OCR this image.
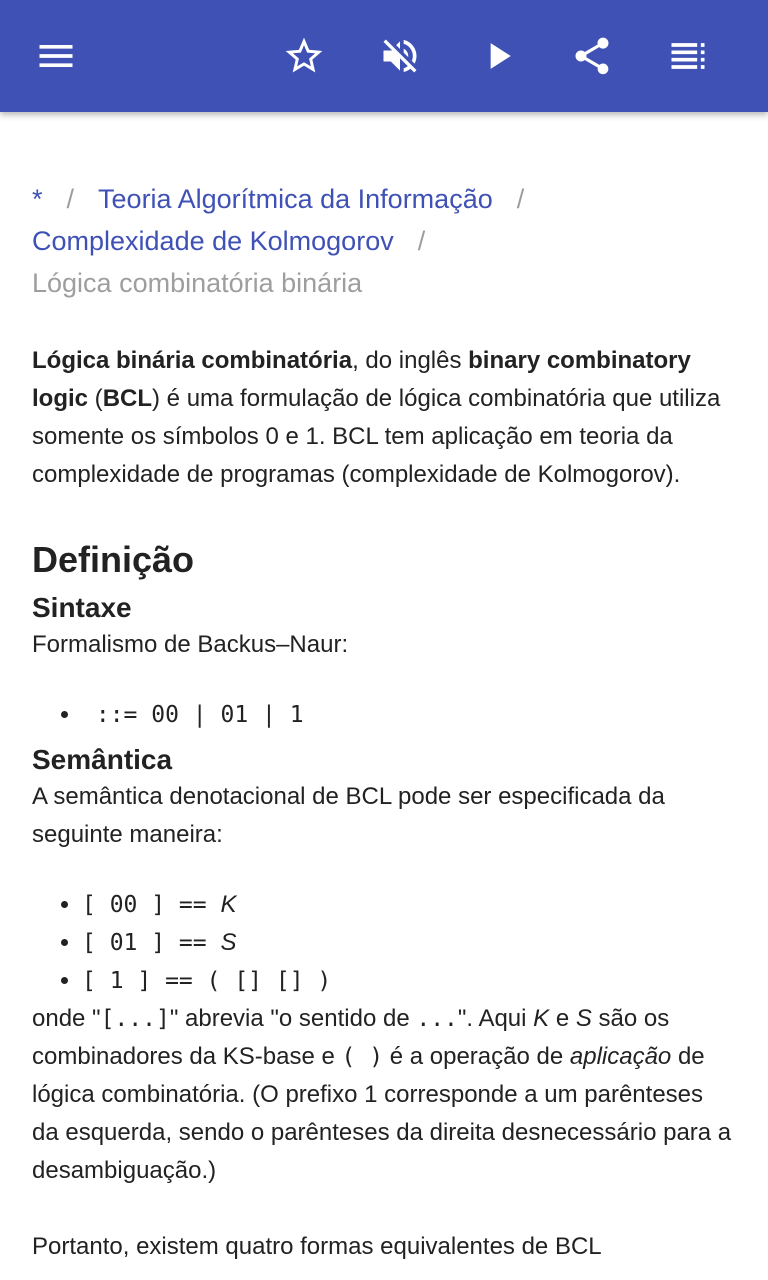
* / Teoria Algorítmica da Informação /
Complexidade de Kolmogorov /
Lógica combinatória binária

Lógica binária combinatória, do inglês binary combinatory logic (BCL) é uma formulação de lógica combinatória que utiliza somente os símbolos 0 e 1. BCL tem aplicação em teoria da complexidade de programas (complexidade de Kolmogorov).

Definição
Sintaxe

Formalismo de Backus–Naur:

•  ::= 00 | 01 | 1
Semântica

A semântica denotacional de BCL pode ser especificada da seguinte maneira:

• [ 00 ] == K
• [ 01 ] == S
• [ 1 ] == ( [] [] )

onde "[...]" abrevia "o sentido de ...". Aqui K e S são os combinadores da KS-base e ( ) é a operação de aplicação de lógica combinatória. (O prefixo 1 corresponde a um parênteses da esquerda, sendo o parênteses da direita desnecessário para a desambiguação.)

Portanto, existem quatro formas equivalentes de BCL
